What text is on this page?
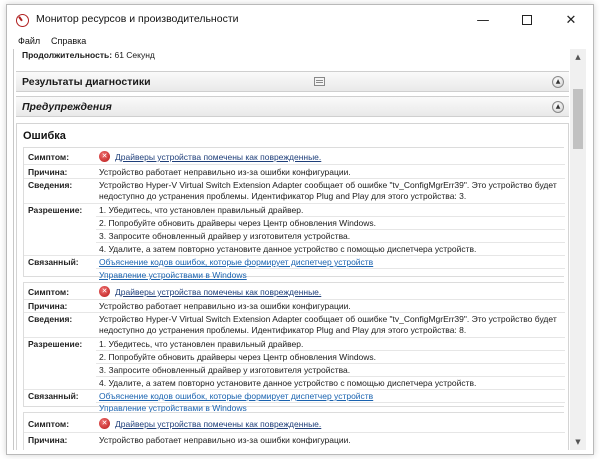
Монитор ресурсов и производительности	—	✕
Файл Справка
Продолжительность: 61 Секунд
Результаты диагностики	▲
Предупреждения	▲
Ошибка
Симптом:	✕ Драйверы устройства помечены как поврежденные.
Причина:	Устройство работает неправильно из-за ошибки конфигурации.
Сведения:	Устройство Hyper-V Virtual Switch Extension Adapter сообщает об ошибке "tv_ConfigMgrErr39". Это устройство будет недоступно до устранения проблемы. Идентификатор Plug and Play для этого устройства: 3.
Разрешение: 1. Убедитесь, что установлен правильный драйвер.
2. Попробуйте обновить драйверы через Центр обновления Windows.
3. Запросите обновленный драйвер у изготовителя устройства.
4. Удалите, а затем повторно установите данное устройство с помощью диспетчера устройств.
Связанный: Объяснение кодов ошибок, которые формирует диспетчер устройств
Управление устройствами в Windows
Симптом:	✕ Драйверы устройства помечены как поврежденные.
Причина:	Устройство работает неправильно из-за ошибки конфигурации.
Сведения:	Устройство Hyper-V Virtual Switch Extension Adapter сообщает об ошибке "tv_ConfigMgrErr39". Это устройство будет недоступно до устранения проблемы. Идентификатор Plug and Play для этого устройства: 8.
Разрешение: 1. Убедитесь, что установлен правильный драйвер.
2. Попробуйте обновить драйверы через Центр обновления Windows.
3. Запросите обновленный драйвер у изготовителя устройства.
4. Удалите, а затем повторно установите данное устройство с помощью диспетчера устройств.
Связанный: Объяснение кодов ошибок, которые формирует диспетчер устройств
Управление устройствами в Windows
Симптом:	✕ Драйверы устройства помечены как поврежденные.
Причина:	Устройство работает неправильно из-за ошибки конфигурации.
▲
▼
